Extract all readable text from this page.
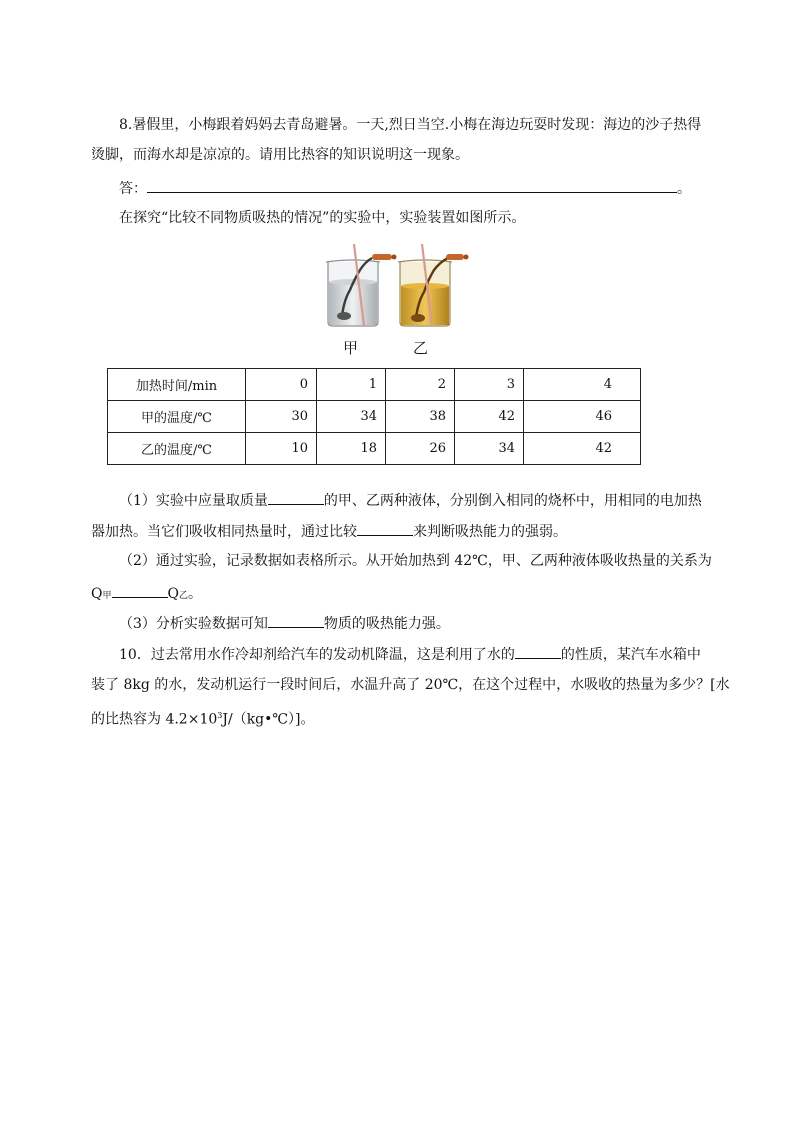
8.暑假里，小梅跟着妈妈去青岛避暑。一天,烈日当空.小梅在海边玩耍时发现：海边的沙子热得
烫脚，而海水却是凉凉的。请用比热容的知识说明这一现象。
答：	。
在探究“比较不同物质吸热的情况”的实验中，实验装置如图所示。
甲	乙
加热时间/min	0	1	2	3	4
甲的温度/℃	30	34	38	42	46
乙的温度/℃	10	18	26	34	42
（1）实验中应量取质量	的甲、乙两种液体，分别倒入相同的烧杯中，用相同的电加热
器加热。当它们吸收相同热量时，通过比较	来判断吸热能力的强弱。
（2）通过实验，记录数据如表格所示。从开始加热到 42℃，甲、乙两种液体吸收热量的关系为
Q甲	Q乙。
（3）分析实验数据可知	物质的吸热能力强。
10．过去常用水作冷却剂给汽车的发动机降温，这是利用了水的	的性质，某汽车水箱中
装了 8kg 的水，发动机运行一段时间后，水温升高了 20℃，在这个过程中，水吸收的热量为多少？[水
的比热容为 $4.2\times 10^3J/(kg•℃)$]。
